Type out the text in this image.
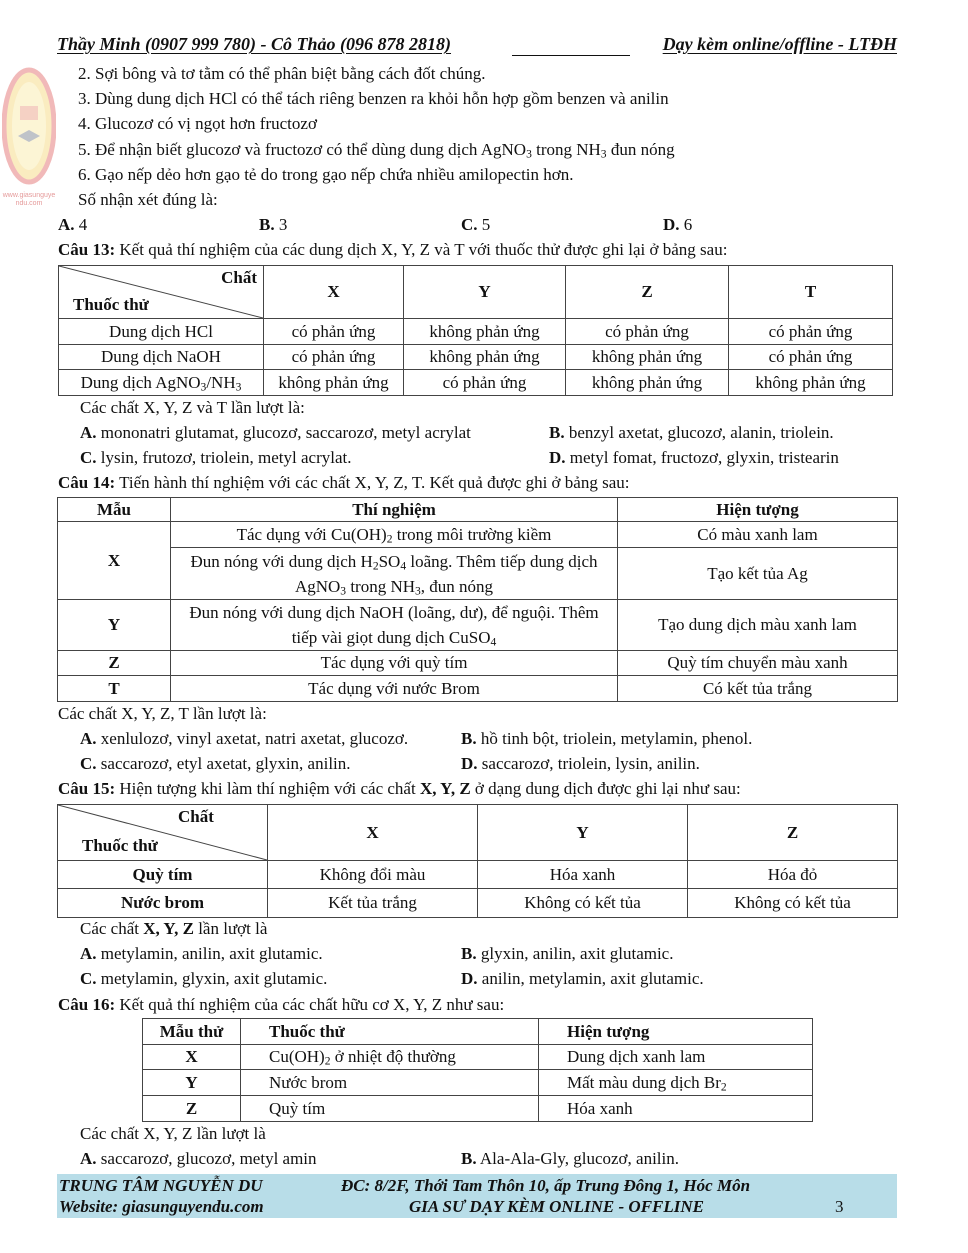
Thầy Minh (0907 999 780) - Cô Thảo (096 878 2818)	Dạy kèm online/offline - LTĐH
www.giasunguyendu.com
2. Sợi bông và tơ tằm có thể phân biệt bằng cách đốt chúng.
3. Dùng dung dịch HCl có thể tách riêng benzen ra khỏi hỗn hợp gồm benzen và anilin
4. Glucozơ có vị ngọt hơn fructozơ
5. Để nhận biết glucozơ và fructozơ có thể dùng dung dịch AgNO$_3$ trong $NH_3$ đun nóng
6. Gạo nếp dẻo hơn gạo tẻ do trong gạo nếp chứa nhiều amilopectin hơn.
Số nhận xét đúng là:
A. 4	B. 3	C. 5	D. 6
Câu 13: Kết quả thí nghiệm của các dung dịch X, Y, Z và T với thuốc thử được ghi lại ở bảng sau:
Chất
Thuốc thử	X	Y	Z	T
Dung dịch HCl	có phản ứng	không phản ứng	có phản ứng	có phản ứng
Dung dịch NaOH	có phản ứng	không phản ứng	không phản ứng	có phản ứng
Dung dịch $AgNO_3/NH_3$	không phản ứng	có phản ứng	không phản ứng	không phản ứng
Các chất X, Y, Z và T lần lượt là:
A. mononatri glutamat, glucozơ, saccarozơ, metyl acrylat	B. benzyl axetat, glucozơ, alanin, triolein.
C. lysin, frutozơ, triolein, metyl acrylat.	D. metyl fomat, fructozơ, glyxin, tristearin
Câu 14: Tiến hành thí nghiệm với các chất X, Y, Z, T. Kết quả được ghi ở bảng sau:
Mẫu	Thí nghiệm	Hiện tượng
X	Tác dụng với $Cu(OH)_2$ trong môi trường kiềm	Có màu xanh lam
	Đun nóng với dung dịch $H_2SO_4$ loãng. Thêm tiếp dung dịch AgNO$_3$ trong $NH_3$, đun nóng	Tạo kết tủa Ag
Y	Đun nóng với dung dịch NaOH (loãng, dư), để nguội. Thêm tiếp vài giọt dung dịch CuSO$_4$	Tạo dung dịch màu xanh lam
Z	Tác dụng với quỳ tím	Quỳ tím chuyển màu xanh
T	Tác dụng với nước Brom	Có kết tủa trắng
Các chất X, Y, Z, T lần lượt là:
A. xenlulozơ, vinyl axetat, natri axetat, glucozơ.	B. hồ tinh bột, triolein, metylamin, phenol.
C. saccarozơ, etyl axetat, glyxin, anilin.	D. saccarozơ, triolein, lysin, anilin.
Câu 15: Hiện tượng khi làm thí nghiệm với các chất X, Y, Z ở dạng dung dịch được ghi lại như sau:
Chất
Thuốc thử	X	Y	Z
Quỳ tím	Không đổi màu	Hóa xanh	Hóa đỏ
Nước brom	Kết tủa trắng	Không có kết tủa	Không có kết tủa
Các chất X, Y, Z lần lượt là
A. metylamin, anilin, axit glutamic.	B. glyxin, anilin, axit glutamic.
C. metylamin, glyxin, axit glutamic.	D. anilin, metylamin, axit glutamic.
Câu 16: Kết quả thí nghiệm của các chất hữu cơ X, Y, Z như sau:
Mẫu thử	Thuốc thử	Hiện tượng
X	$Cu(OH)_2$ ở nhiệt độ thường	Dung dịch xanh lam
Y	Nước brom	Mất màu dung dịch $Br_2$
Z	Quỳ tím	Hóa xanh
Các chất X, Y, Z lần lượt là
A. saccarozơ, glucozơ, metyl amin	B. Ala-Ala-Gly, glucozơ, anilin.
TRUNG TÂM NGUYỄN DU	ĐC: 8/2F, Thới Tam Thôn 10, ấp Trung Đông 1, Hóc Môn
Website: giasunguyendu.com	GIA SƯ DẠY KÈM ONLINE - OFFLINE	3
